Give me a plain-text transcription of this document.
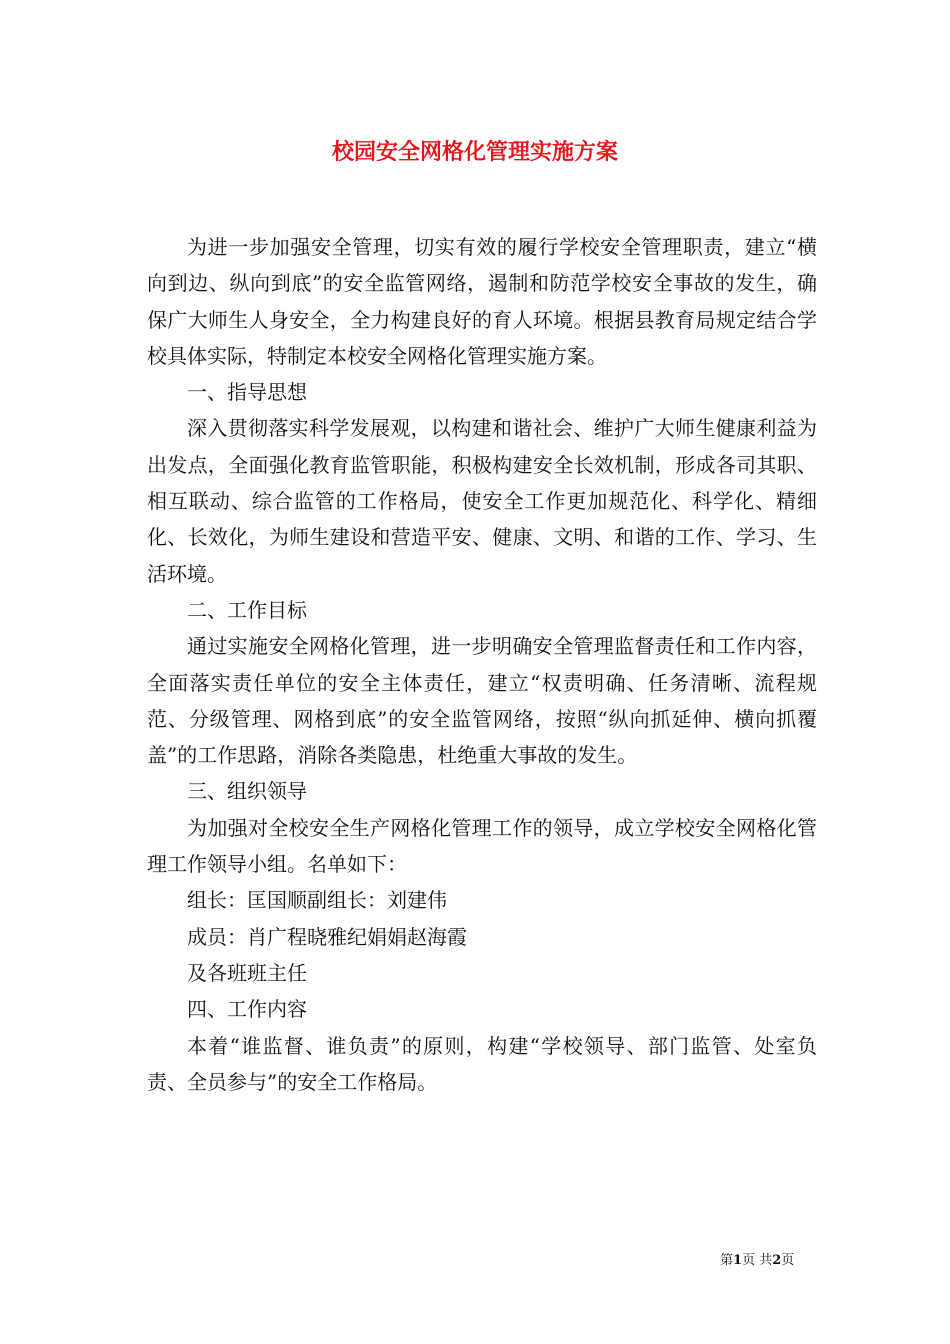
校园安全网格化管理实施方案

为进一步加强安全管理，切实有效的履行学校安全管理职责，建立“横向到边、纵向到底”的安全监管网络，遏制和防范学校安全事故的发生，确保广大师生人身安全，全力构建良好的育人环境。根据县教育局规定结合学校具体实际，特制定本校安全网格化管理实施方案。

一、指导思想

深入贯彻落实科学发展观，以构建和谐社会、维护广大师生健康利益为出发点，全面强化教育监管职能，积极构建安全长效机制，形成各司其职、相互联动、综合监管的工作格局，使安全工作更加规范化、科学化、精细化、长效化，为师生建设和营造平安、健康、文明、和谐的工作、学习、生活环境。

二、工作目标

通过实施安全网格化管理，进一步明确安全管理监督责任和工作内容，全面落实责任单位的安全主体责任，建立“权责明确、任务清晰、流程规范、分级管理、网格到底”的安全监管网络，按照“纵向抓延伸、横向抓覆盖”的工作思路，消除各类隐患，杜绝重大事故的发生。

三、组织领导

为加强对全校安全生产网格化管理工作的领导，成立学校安全网格化管理工作领导小组。名单如下：

组长：匡国顺副组长：刘建伟

成员：肖广程晓雅纪娟娟赵海霞

及各班班主任

四、工作内容

本着“谁监督、谁负责”的原则，构建“学校领导、部门监管、处室负责、全员参与”的安全工作格局。

第1页 共2页
